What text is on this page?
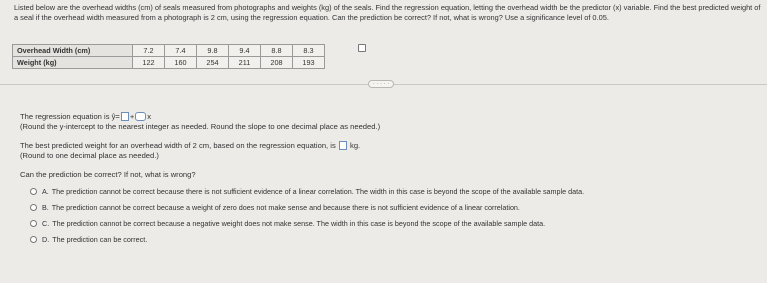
Listed below are the overhead widths (cm) of seals measured from photographs and weights (kg) of the seals. Find the regression equation, letting the overhead width be the predictor (x) variable. Find the best predicted weight of a seal if the overhead width measured from a photograph is 2 cm, using the regression equation. Can the prediction be correct? If not, what is wrong? Use a significance level of 0.05.
Overhead Width (cm)	7.2	7.4	9.8	9.4	8.8	8.3
Weight (kg)	122	160	254	211	208	193
· · · · ·
The regression equation is ŷ= + x
(Round the y-intercept to the nearest integer as needed. Round the slope to one decimal place as needed.)
The best predicted weight for an overhead width of 2 cm, based on the regression equation, is kg.
(Round to one decimal place as needed.)
Can the prediction be correct? If not, what is wrong?
A. The prediction cannot be correct because there is not sufficient evidence of a linear correlation. The width in this case is beyond the scope of the available sample data.
B. The prediction cannot be correct because a weight of zero does not make sense and because there is not sufficient evidence of a linear correlation.
C. The prediction cannot be correct because a negative weight does not make sense. The width in this case is beyond the scope of the available sample data.
D. The prediction can be correct.
